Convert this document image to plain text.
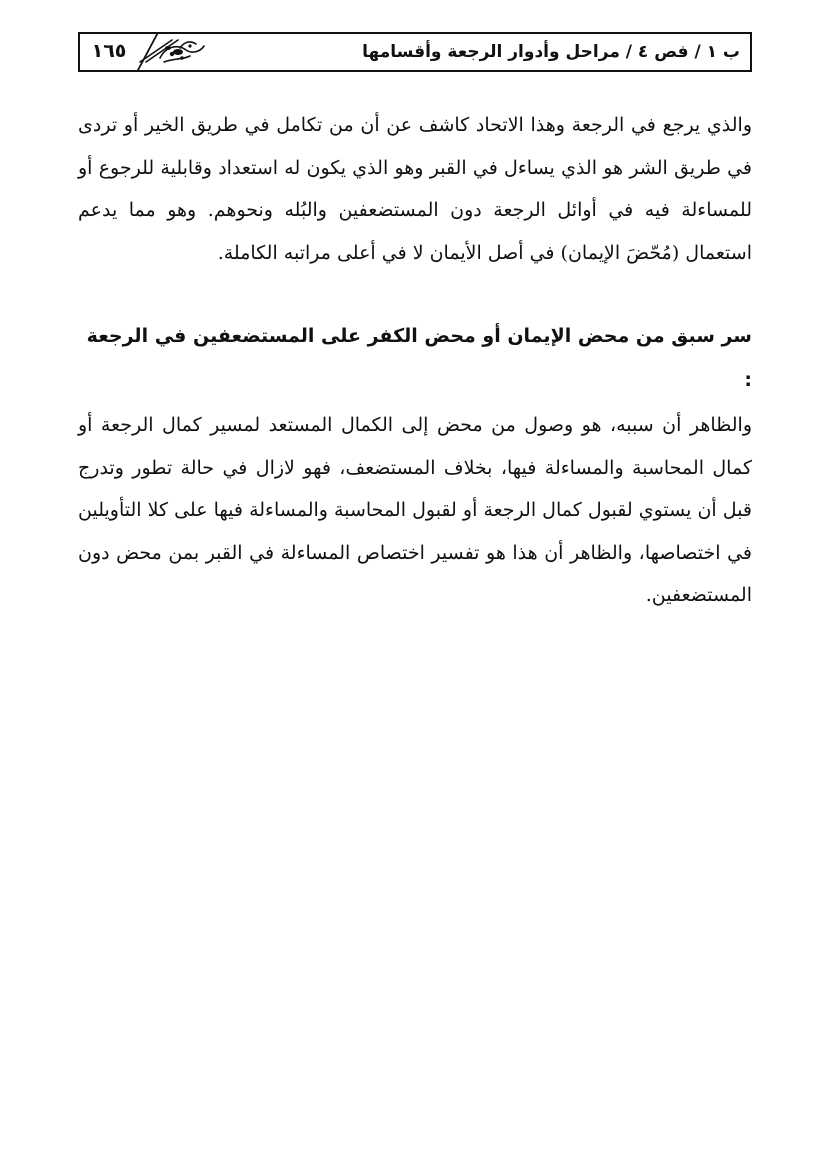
ب ١ / فص ٤ / مراحل وأدوار الرجعة وأقسامها
١٦٥

والذي يرجع في الرجعة وهذا الاتحاد كاشف عن أن من تكامل في طريق الخير أو تردى في طريق الشر هو الذي يساءل في القبر وهو الذي يكون له استعداد وقابلية للرجوع أو للمساءلة فيه في أوائل الرجعة دون المستضعفين والبُله ونحوهم. وهو مما يدعم استعمال (مُحّضَ الإيمان) في أصل الأيمان لا في أعلى مراتبه الكاملة.

سر سبق من محض الإيمان أو محض الكفر على المستضعفين في الرجعة :

والظاهر أن سببه، هو وصول من محض إلى الكمال المستعد لمسير كمال الرجعة أو كمال المحاسبة والمساءلة فيها، بخلاف المستضعف، فهو لازال في حالة تطور وتدرج قبل أن يستوي لقبول كمال الرجعة أو لقبول المحاسبة والمساءلة فيها على كلا التأويلين في اختصاصها، والظاهر أن هذا هو تفسير اختصاص المساءلة في القبر بمن محض دون المستضعفين.
